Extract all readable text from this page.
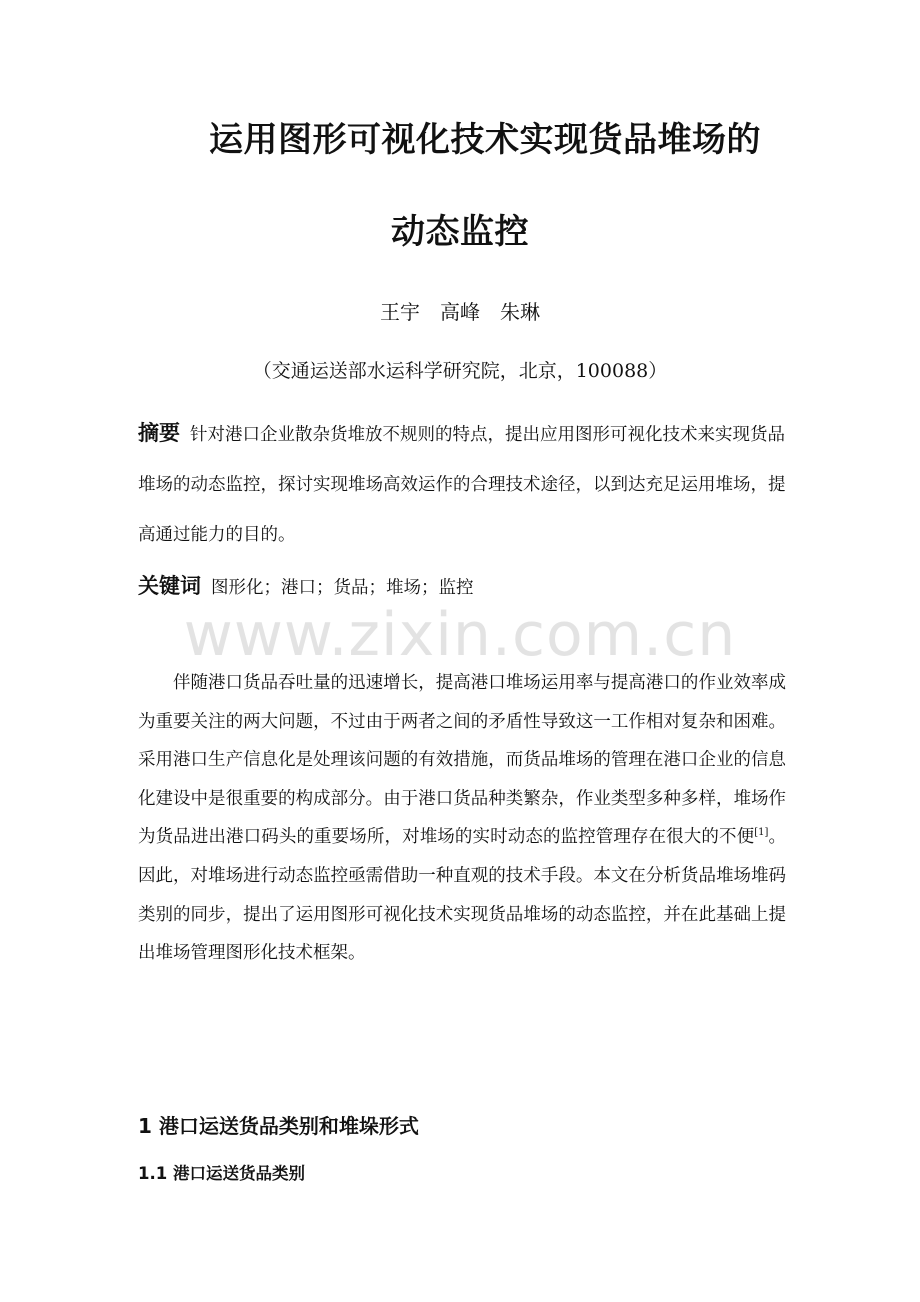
运用图形可视化技术实现货品堆场的
动态监控
王宇　高峰　朱琳
（交通运送部水运科学研究院，北京，100088）
摘要 针对港口企业散杂货堆放不规则的特点，提出应用图形可视化技术来实现货品堆场的动态监控，探讨实现堆场高效运作的合理技术途径，以到达充足运用堆场，提高通过能力的目的。
关键词 图形化；港口；货品；堆场；监控
www.zixin.com.cn
伴随港口货品吞吐量的迅速增长，提高港口堆场运用率与提高港口的作业效率成为重要关注的两大问题，不过由于两者之间的矛盾性导致这一工作相对复杂和困难。采用港口生产信息化是处理该问题的有效措施，而货品堆场的管理在港口企业的信息化建设中是很重要的构成部分。由于港口货品种类繁杂，作业类型多种多样，堆场作为货品进出港口码头的重要场所，对堆场的实时动态的监控管理存在很大的不便[1]。因此，对堆场进行动态监控亟需借助一种直观的技术手段。本文在分析货品堆场堆码类别的同步，提出了运用图形可视化技术实现货品堆场的动态监控，并在此基础上提出堆场管理图形化技术框架。
1 港口运送货品类别和堆垛形式
1.1 港口运送货品类别
